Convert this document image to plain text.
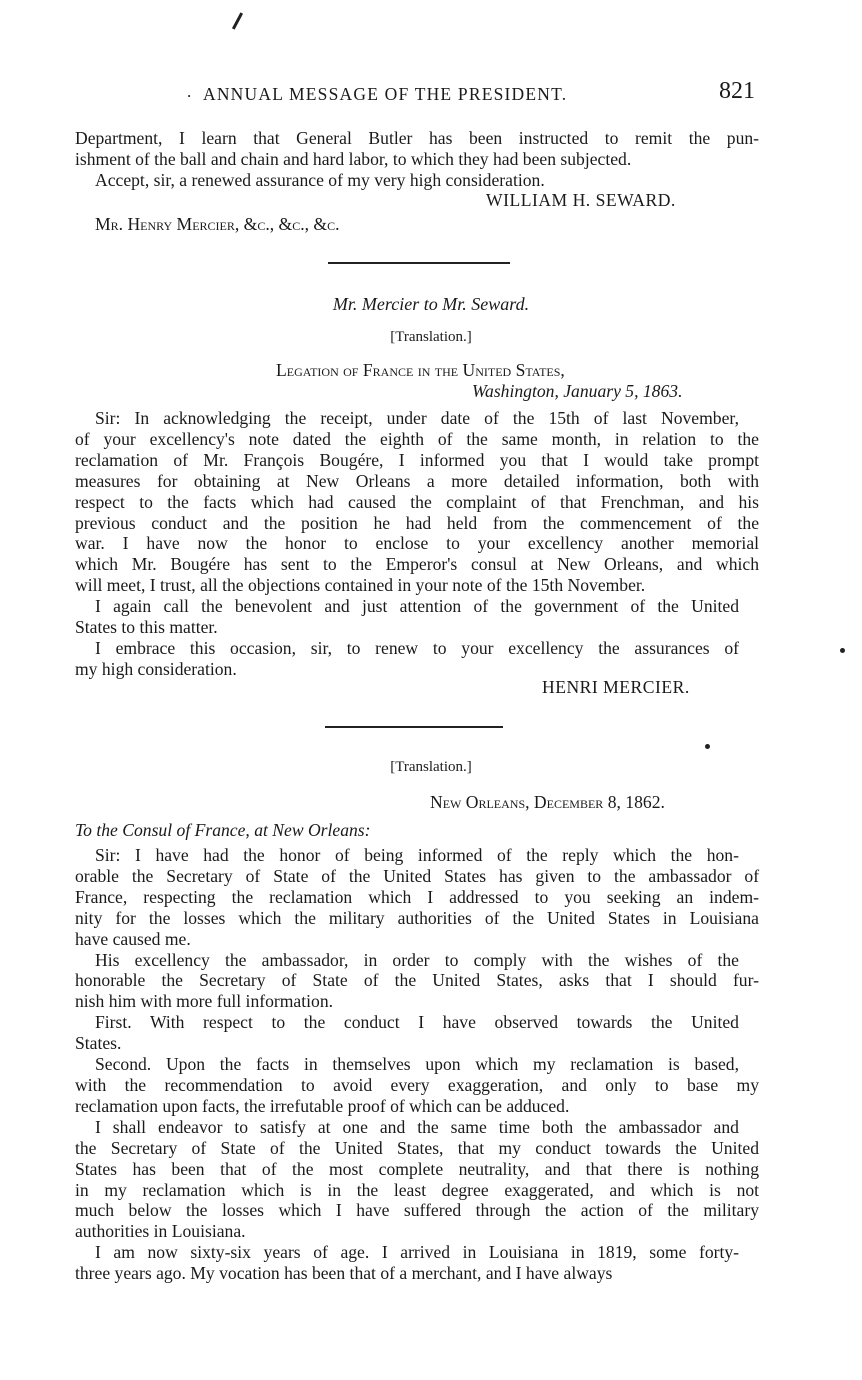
. ANNUAL MESSAGE OF THE PRESIDENT.	821
Department, I learn that General Butler has been instructed to remit the pun-
ishment of the ball and chain and hard labor, to which they had been subjected.
Accept, sir, a renewed assurance of my very high consideration.
WILLIAM H. SEWARD.
Mr. Henry Mercier, &c., &c., &c.
Mr. Mercier to Mr. Seward.
[Translation.]
Legation of France in the United States,
Washington, January 5, 1863.
Sir: In acknowledging the receipt, under date of the 15th of last November,
of your excellency's note dated the eighth of the same month, in relation to the
reclamation of Mr. François Bougére, I informed you that I would take prompt
measures for obtaining at New Orleans a more detailed information, both with
respect to the facts which had caused the complaint of that Frenchman, and his
previous conduct and the position he had held from the commencement of the
war. I have now the honor to enclose to your excellency another memorial
which Mr. Bougére has sent to the Emperor's consul at New Orleans, and which
will meet, I trust, all the objections contained in your note of the 15th November.
I again call the benevolent and just attention of the government of the United
States to this matter.
I embrace this occasion, sir, to renew to your excellency the assurances of
my high consideration.
HENRI MERCIER.
[Translation.]
New Orleans, December 8, 1862.
To the Consul of France, at New Orleans:
Sir: I have had the honor of being informed of the reply which the hon-
orable the Secretary of State of the United States has given to the ambassador of
France, respecting the reclamation which I addressed to you seeking an indem-
nity for the losses which the military authorities of the United States in Louisiana
have caused me.
His excellency the ambassador, in order to comply with the wishes of the
honorable the Secretary of State of the United States, asks that I should fur-
nish him with more full information.
First. With respect to the conduct I have observed towards the United
States.
Second. Upon the facts in themselves upon which my reclamation is based,
with the recommendation to avoid every exaggeration, and only to base my
reclamation upon facts, the irrefutable proof of which can be adduced.
I shall endeavor to satisfy at one and the same time both the ambassador and
the Secretary of State of the United States, that my conduct towards the United
States has been that of the most complete neutrality, and that there is nothing
in my reclamation which is in the least degree exaggerated, and which is not
much below the losses which I have suffered through the action of the military
authorities in Louisiana.
I am now sixty-six years of age. I arrived in Louisiana in 1819, some forty-
three years ago. My vocation has been that of a merchant, and I have always
